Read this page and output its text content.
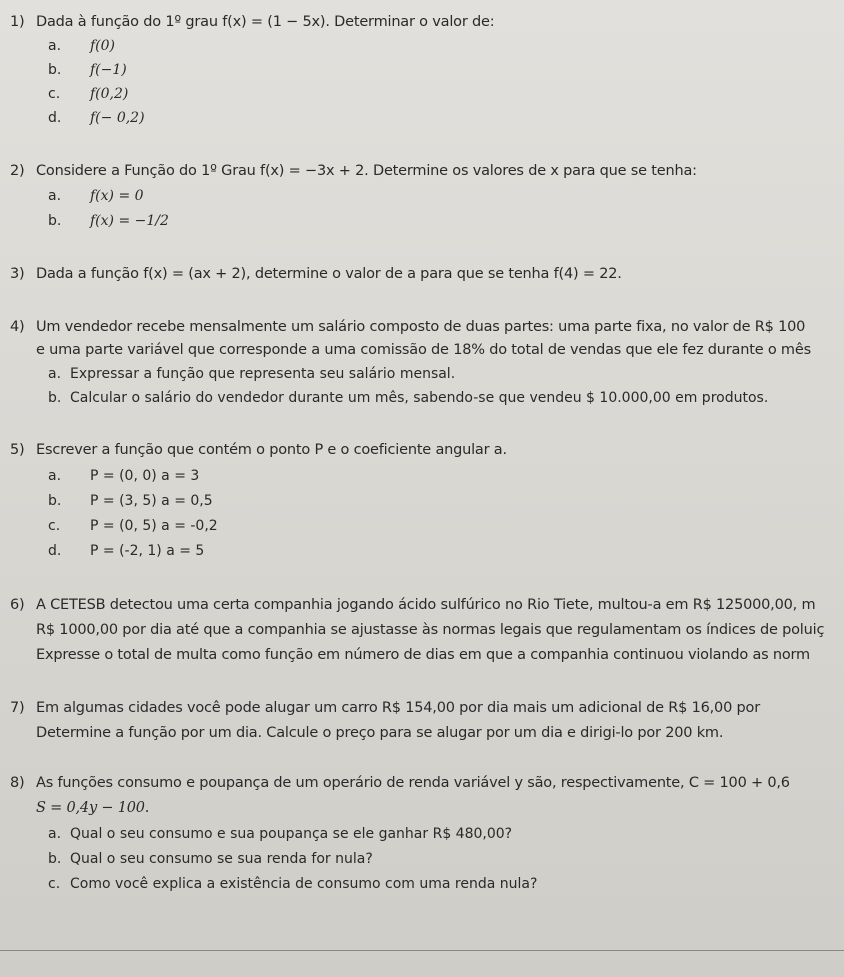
1) Dada à função do 1º grau f(x) = (1 − 5x). Determinar o valor de:
a. f(0)
b. f(−1)
c. f(0,2)
d. f(− 0,2)
2) Considere a Função do 1º Grau f(x) = −3x + 2. Determine os valores de x para que se tenha:
a. f(x) = 0
b. f(x) = −1/2
3) Dada a função f(x) = (ax + 2), determine o valor de a para que se tenha f(4) = 22.
4) Um vendedor recebe mensalmente um salário composto de duas partes: uma parte fixa, no valor de R$ 100
e uma parte variável que corresponde a uma comissão de 18% do total de vendas que ele fez durante o mês
a. Expressar a função que representa seu salário mensal.
b. Calcular o salário do vendedor durante um mês, sabendo-se que vendeu $ 10.000,00 em produtos.
5) Escrever a função que contém o ponto P e o coeficiente angular a.
a. P = (0, 0) a = 3
b. P = (3, 5) a = 0,5
c. P = (0, 5) a = -0,2
d. P = (-2, 1) a = 5
6) A CETESB detectou uma certa companhia jogando ácido sulfúrico no Rio Tiete, multou-a em R$ 125000,00, m
R$ 1000,00 por dia até que a companhia se ajustasse às normas legais que regulamentam os índices de poluiç
Expresse o total de multa como função em número de dias em que a companhia continuou violando as norm
7) Em algumas cidades você pode alugar um carro R$ 154,00 por dia mais um adicional de R$ 16,00 por
Determine a função por um dia. Calcule o preço para se alugar por um dia e dirigi-lo por 200 km.
8) As funções consumo e poupança de um operário de renda variável y são, respectivamente, C = 100 + 0,6
S = 0,4y − 100.
a. Qual o seu consumo e sua poupança se ele ganhar R$ 480,00?
b. Qual o seu consumo se sua renda for nula?
c. Como você explica a existência de consumo com uma renda nula?
